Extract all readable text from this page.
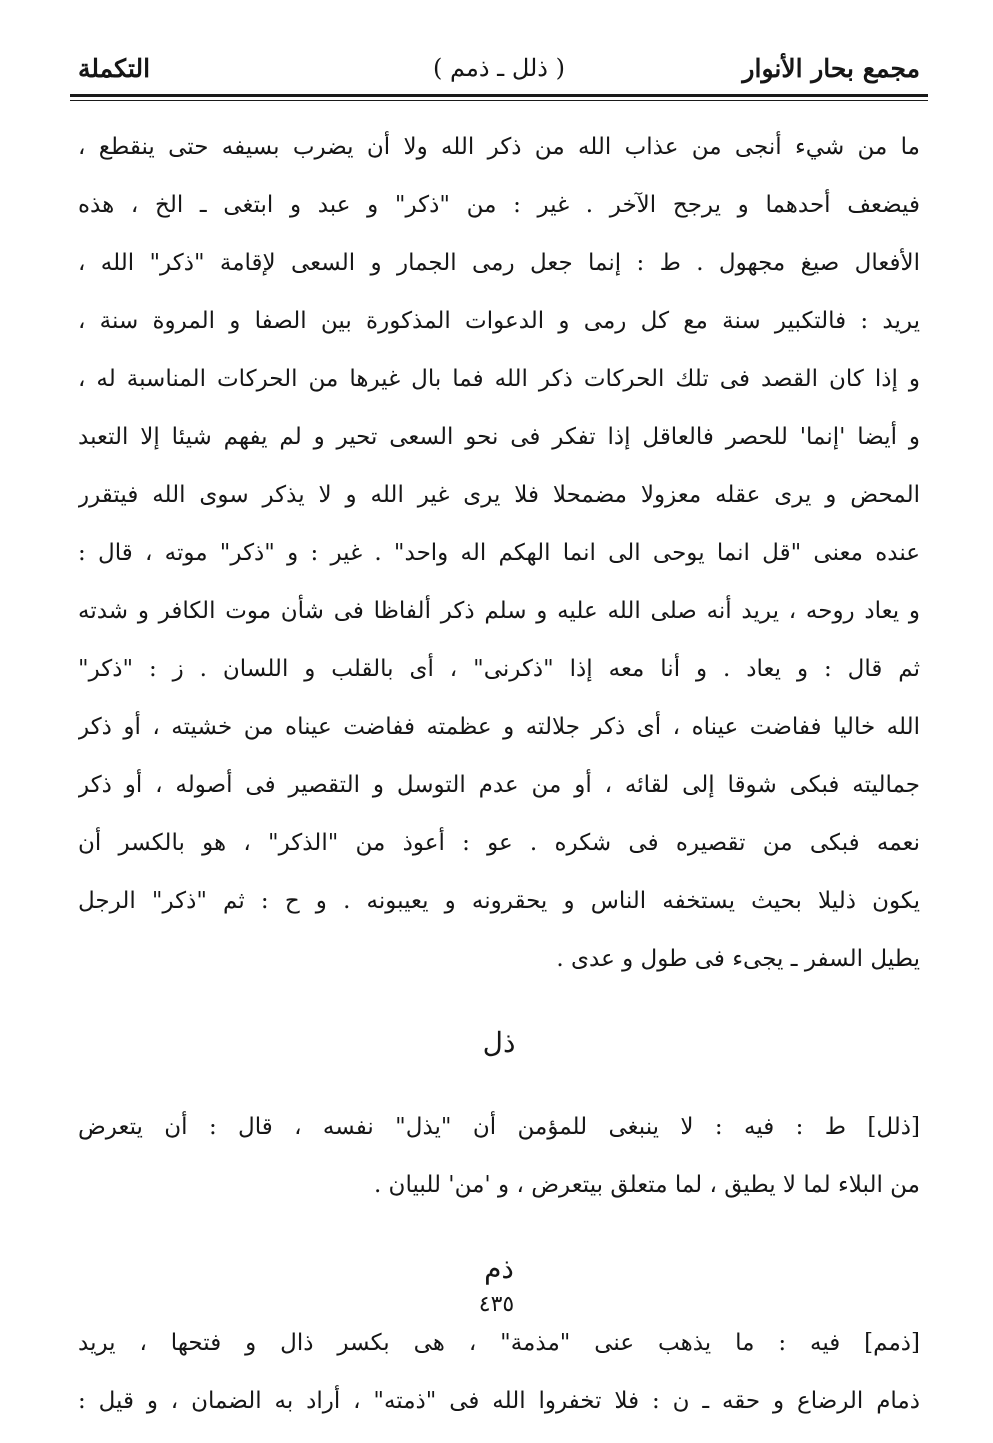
مجمع بحار الأنوار
( ذلل ـ ذمم )
التكملة
ما من شيء أنجى من عذاب الله من ذكر الله ولا أن يضرب بسيفه حتى ينقطع ،
فيضعف أحدهما و يرجح الآخر . غير : من "ذكر" و عبد و ابتغى ـ الخ ، هذه
الأفعال صيغ مجهول . ط : إنما جعل رمى الجمار و السعى لإقامة "ذكر" الله ،
يريد : فالتكبير سنة مع كل رمى و الدعوات المذكورة بين الصفا و المروة سنة ،
و إذا كان القصد فى تلك الحركات ذكر الله فما بال غيرها من الحركات المناسبة له ،
و أيضا 'إنما' للحصر فالعاقل إذا تفكر فى نحو السعى تحير و لم يفهم شيئا إلا التعبد
المحض و يرى عقله معزولا مضمحلا فلا يرى غير الله و لا يذكر سوى الله فيتقرر
عنده معنى "قل انما يوحى الى انما الهكم اله واحد" . غير : و "ذكر" موته ، قال :
و يعاد روحه ، يريد أنه صلى الله عليه و سلم ذكر ألفاظا فى شأن موت الكافر و شدته
ثم قال : و يعاد . و أنا معه إذا "ذكرنى" ، أى بالقلب و اللسان . ز : "ذكر"
الله خاليا ففاضت عيناه ، أى ذكر جلالته و عظمته ففاضت عيناه من خشيته ، أو ذكر
جماليته فبكى شوقا إلى لقائه ، أو من عدم التوسل و التقصير فى أصوله ، أو ذكر
نعمه فبكى من تقصيره فى شكره . عو : أعوذ من "الذكر" ، هو بالكسر أن
يكون ذليلا بحيث يستخفه الناس و يحقرونه و يعيبونه . و ح : ثم "ذكر" الرجل
يطيل السفر ـ يجىء فى طول و عدى .
ذل
[ذلل] ط : فيه : لا ينبغى للمؤمن أن "يذل" نفسه ، قال : أن يتعرض
من البلاء لما لا يطيق ، لما متعلق بيتعرض ، و 'من' للبيان .
ذم
[ذمم] فيه : ما يذهب عنى "مذمة" ، هى بكسر ذال و فتحها ، يريد
ذمام الرضاع و حقه ـ ن : فلا تخفروا الله فى "ذمته" ، أراد به الضمان ، و قيل :
٤٣٥
